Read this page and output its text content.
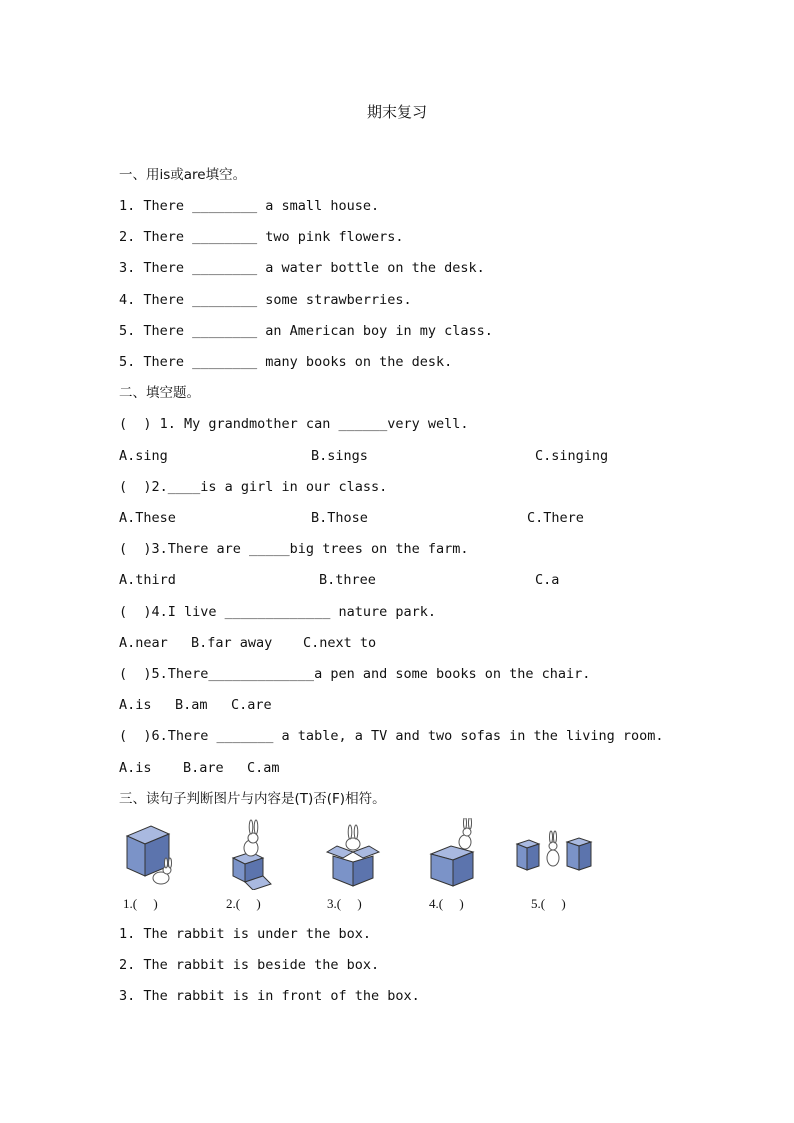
期末复习
一、用is或are填空。
1. There ________ a small house.
2. There ________ two pink flowers.
3. There ________ a water bottle on the desk.
4. There ________ some strawberries.
5. There ________ an American boy in my class.
5. There ________ many books on the desk.
二、填空题。
(  ) 1. My grandmother can ______very well.
A.sing	B.sings	C.singing
(  )2.____is a girl in our class.
A.These	B.Those	C.There
(  )3.There are _____big trees on the farm.
A.third	B.three	C.a
(  )4.I live _____________ nature park.
A.near B.far away C.next to
(  )5.There_____________a pen and some books on the chair.
A.is B.am C.are
(  )6.There _______ a table, a TV and two sofas in the living room.
A.is B.are C.am
三、读句子判断图片与内容是(T)否(F)相符。
1.(     )	2.(     )	3.(     )	4.(     )	5.(     )
1. The rabbit is under the box.
2. The rabbit is beside the box.
3. The rabbit is in front of the box.
